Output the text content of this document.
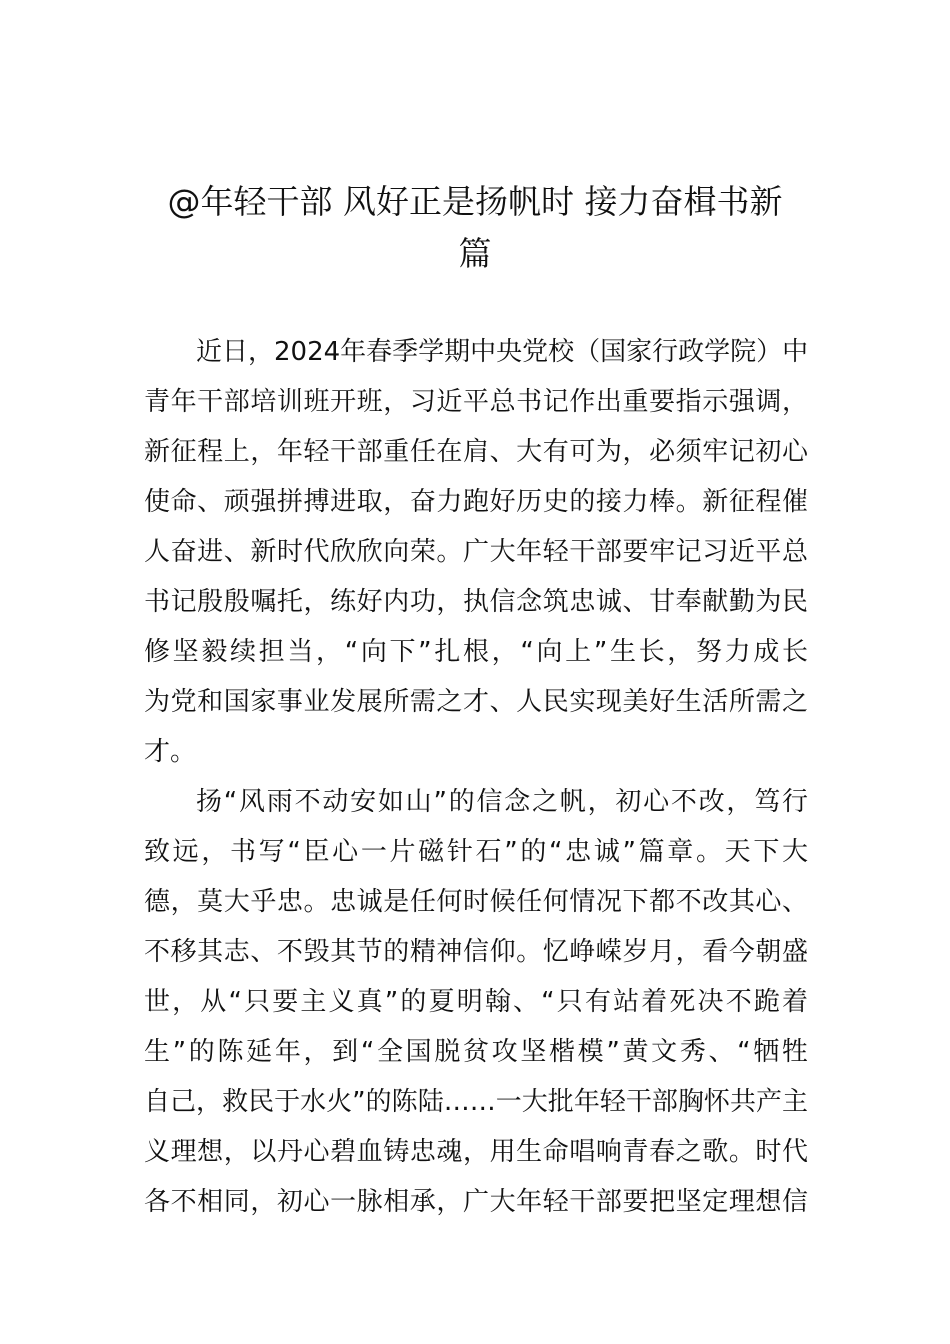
@年轻干部 风好正是扬帆时 接力奋楫书新
篇

近日，2024年春季学期中央党校（国家行政学院）中
青年干部培训班开班，习近平总书记作出重要指示强调，
新征程上，年轻干部重任在肩、大有可为，必须牢记初心
使命、顽强拼搏进取，奋力跑好历史的接力棒。新征程催
人奋进、新时代欣欣向荣。广大年轻干部要牢记习近平总
书记殷殷嘱托，练好内功，执信念筑忠诚、甘奉献勤为民
修坚毅续担当，“向下”扎根，“向上”生长，努力成长
为党和国家事业发展所需之才、人民实现美好生活所需之
才。

扬“风雨不动安如山”的信念之帆，初心不改，笃行
致远，书写“臣心一片磁针石”的“忠诚”篇章。天下大
德，莫大乎忠。忠诚是任何时候任何情况下都不改其心、
不移其志、不毁其节的精神信仰。忆峥嵘岁月，看今朝盛
世，从“只要主义真”的夏明翰、“只有站着死决不跪着
生”的陈延年，到“全国脱贫攻坚楷模”黄文秀、“牺牲
自己，救民于水火”的陈陆……一大批年轻干部胸怀共产主
义理想，以丹心碧血铸忠魂，用生命唱响青春之歌。时代
各不相同，初心一脉相承，广大年轻干部要把坚定理想信
